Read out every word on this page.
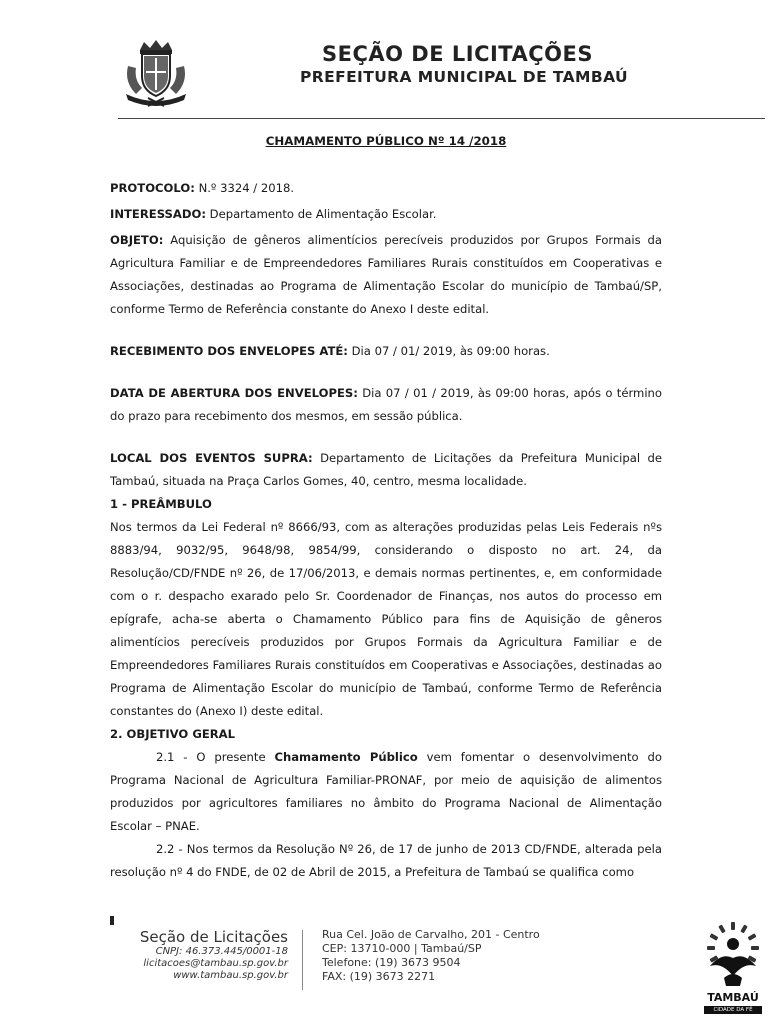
SEÇÃO DE LICITAÇÕES
PREFEITURA MUNICIPAL DE TAMBAÚ

CHAMAMENTO PÚBLICO Nº 14 /2018

PROTOCOLO: N.º 3324 / 2018.

INTERESSADO: Departamento de Alimentação Escolar.

OBJETO: Aquisição de gêneros alimentícios perecíveis produzidos por Grupos Formais da Agricultura Familiar e de Empreendedores Familiares Rurais constituídos em Cooperativas e Associações, destinadas ao Programa de Alimentação Escolar do município de Tambaú/SP, conforme Termo de Referência constante do Anexo I deste edital.

RECEBIMENTO DOS ENVELOPES ATÉ: Dia 07 / 01/ 2019, às 09:00 horas.

DATA DE ABERTURA DOS ENVELOPES: Dia 07 / 01 / 2019, às 09:00 horas, após o término do prazo para recebimento dos mesmos, em sessão pública.

LOCAL DOS EVENTOS SUPRA: Departamento de Licitações da Prefeitura Municipal de Tambaú, situada na Praça Carlos Gomes, 40, centro, mesma localidade.

1 - PREÂMBULO

Nos termos da Lei Federal nº 8666/93, com as alterações produzidas pelas Leis Federais nºs 8883/94, 9032/95, 9648/98, 9854/99, considerando o disposto no art. 24, da Resolução/CD/FNDE nº 26, de 17/06/2013, e demais normas pertinentes, e, em conformidade com o r. despacho exarado pelo Sr. Coordenador de Finanças, nos autos do processo em epígrafe, acha-se aberta o Chamamento Público para fins de Aquisição de gêneros alimentícios perecíveis produzidos por Grupos Formais da Agricultura Familiar e de Empreendedores Familiares Rurais constituídos em Cooperativas e Associações, destinadas ao Programa de Alimentação Escolar do município de Tambaú, conforme Termo de Referência constantes do (Anexo I) deste edital.

2. OBJETIVO GERAL

2.1 - O presente Chamamento Público vem fomentar o desenvolvimento do Programa Nacional de Agricultura Familiar-PRONAF, por meio de aquisição de alimentos produzidos por agricultores familiares no âmbito do Programa Nacional de Alimentação Escolar – PNAE.

2.2 - Nos termos da Resolução Nº 26, de 17 de junho de 2013 CD/FNDE, alterada pela resolução nº 4 do FNDE, de 02 de Abril de 2015, a Prefeitura de Tambaú se qualifica como

Seção de Licitações

CNPJ: 46.373.445/0001-18

licitacoes@tambau.sp.gov.br

www.tambau.sp.gov.br

Rua Cel. João de Carvalho, 201 - Centro

CEP: 13710-000 | Tambaú/SP

Telefone: (19) 3673 9504

FAX: (19) 3673 2271

TAMBAÚ

CIDADE DA FÉ
